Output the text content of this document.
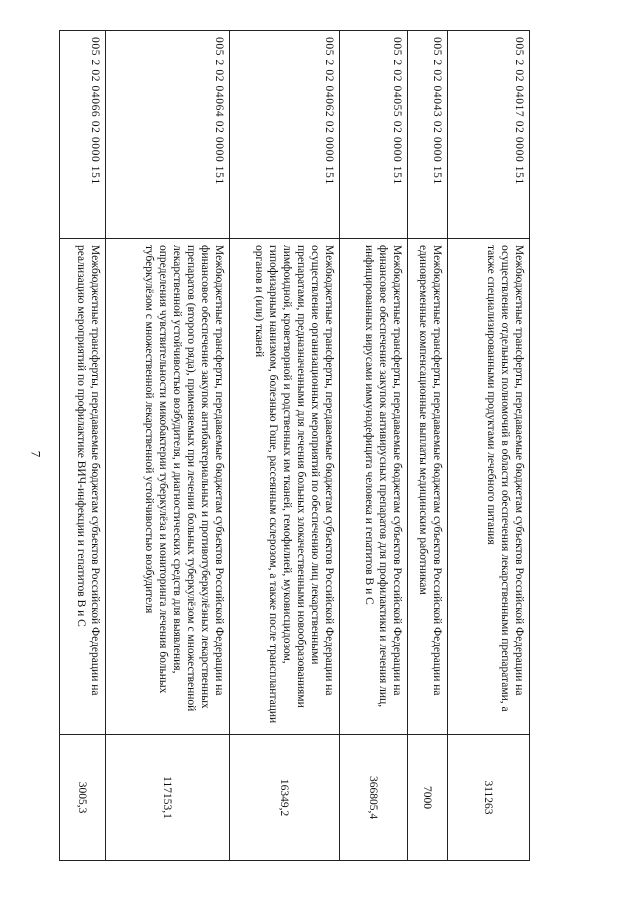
7
005 2 02 04017 02 0000 151	Межбюджетные трансферты, передаваемые бюджетам субъектов Российской Федерации на осуществление отдельных полномочий в области обеспечения лекарственными препаратами, а также специализированными продуктами лечебного питания	311263
005 2 02 04043 02 0000 151	Межбюджетные трансферты, передаваемые бюджетам субъектов Российской Федерации на единовременные компенсационные выплаты медицинским работникам	7000
005 2 02 04055 02 0000 151	Межбюджетные трансферты, передаваемые бюджетам субъектов Российской Федерации на финансовое обеспечение закупок антивирусных препаратов для профилактики и лечения лиц, инфицированных вирусами иммунодефицита человека и гепатитов В и С	366805,4
005 2 02 04062 02 0000 151	Межбюджетные трансферты, передаваемые бюджетам субъектов Российской Федерации на осуществление организационных мероприятий по обеспечению лиц лекарственными препаратами, предназначенными для лечения больных злокачественными новообразованиями лимфоидной, кроветворной и родственных им тканей, гемофилией, муковисцидозом, гипофизарным нанизмом, болезнью Гоше, рассеянным склерозом, а также после трансплантации органов и (или) тканей	16349,2
005 2 02 04064 02 0000 151	Межбюджетные трансферты, передаваемые бюджетам субъектов Российской Федерации на финансовое обеспечение закупок антибактериальных и противотуберкулёзных лекарственных препаратов (второго ряда), применяемых при лечении больных туберкулёзом с множественной лекарственной устойчивостью возбудителя, и диагностических средств для выявления, определения чувствительности микобактерии туберкулёза и мониторинга лечения больных туберкулёзом с множественной лекарственной устойчивостью возбудителя	117153,1
005 2 02 04066 02 0000 151	Межбюджетные трансферты, передаваемые бюджетам субъектов Российской Федерации на реализацию мероприятий по профилактике ВИЧ-инфекции и гепатитов В и С	3005,3
